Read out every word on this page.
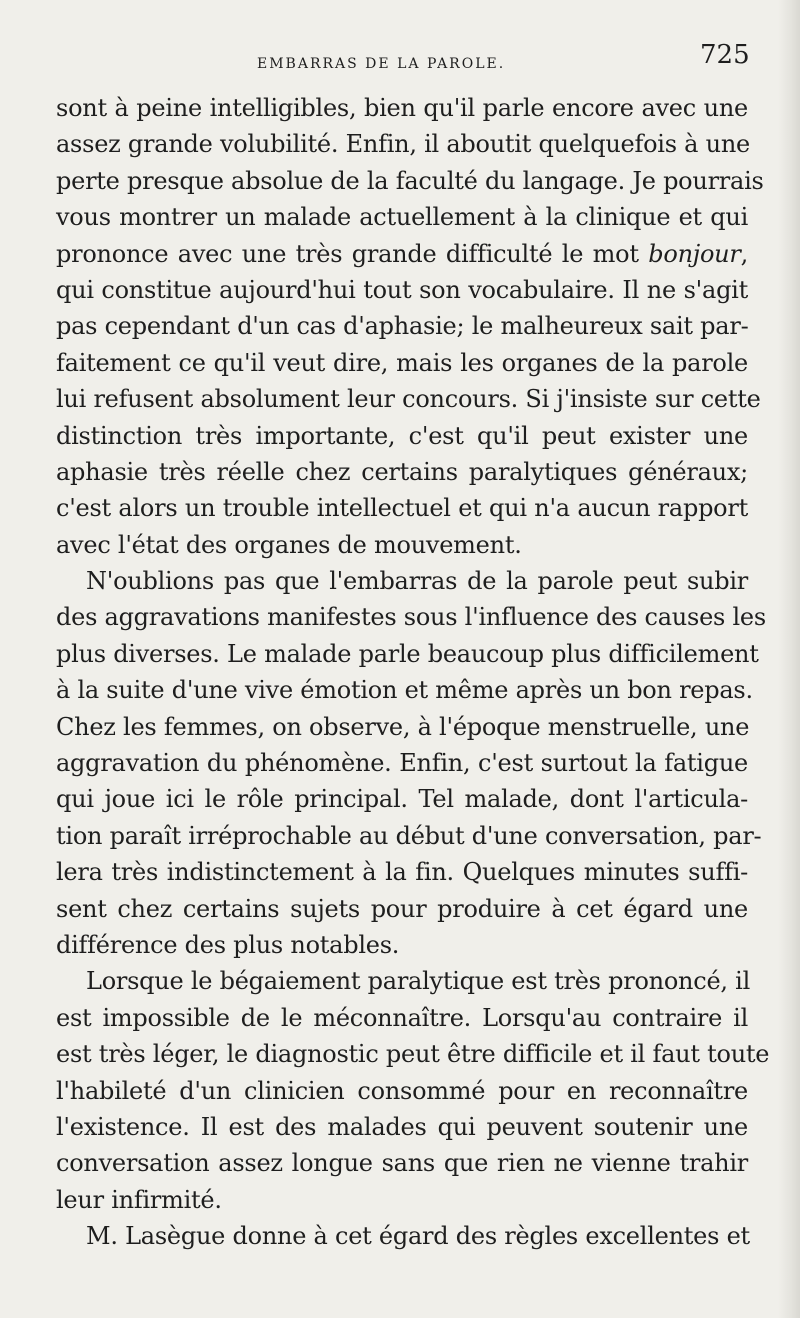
EMBARRAS DE LA PAROLE.	725
sont à peine intelligibles, bien qu'il parle encore avec une
assez grande volubilité. Enfin, il aboutit quelquefois à une
perte presque absolue de la faculté du langage. Je pourrais
vous montrer un malade actuellement à la clinique et qui
prononce avec une très grande difficulté le mot bonjour,
qui constitue aujourd'hui tout son vocabulaire. Il ne s'agit
pas cependant d'un cas d'aphasie; le malheureux sait par-
faitement ce qu'il veut dire, mais les organes de la parole
lui refusent absolument leur concours. Si j'insiste sur cette
distinction très importante, c'est qu'il peut exister une
aphasie très réelle chez certains paralytiques généraux;
c'est alors un trouble intellectuel et qui n'a aucun rapport
avec l'état des organes de mouvement.
N'oublions pas que l'embarras de la parole peut subir
des aggravations manifestes sous l'influence des causes les
plus diverses. Le malade parle beaucoup plus difficilement
à la suite d'une vive émotion et même après un bon repas.
Chez les femmes, on observe, à l'époque menstruelle, une
aggravation du phénomène. Enfin, c'est surtout la fatigue
qui joue ici le rôle principal. Tel malade, dont l'articula-
tion paraît irréprochable au début d'une conversation, par-
lera très indistinctement à la fin. Quelques minutes suffi-
sent chez certains sujets pour produire à cet égard une
différence des plus notables.
Lorsque le bégaiement paralytique est très prononcé, il
est impossible de le méconnaître. Lorsqu'au contraire il
est très léger, le diagnostic peut être difficile et il faut toute
l'habileté d'un clinicien consommé pour en reconnaître
l'existence. Il est des malades qui peuvent soutenir une
conversation assez longue sans que rien ne vienne trahir
leur infirmité.
M. Lasègue donne à cet égard des règles excellentes et
